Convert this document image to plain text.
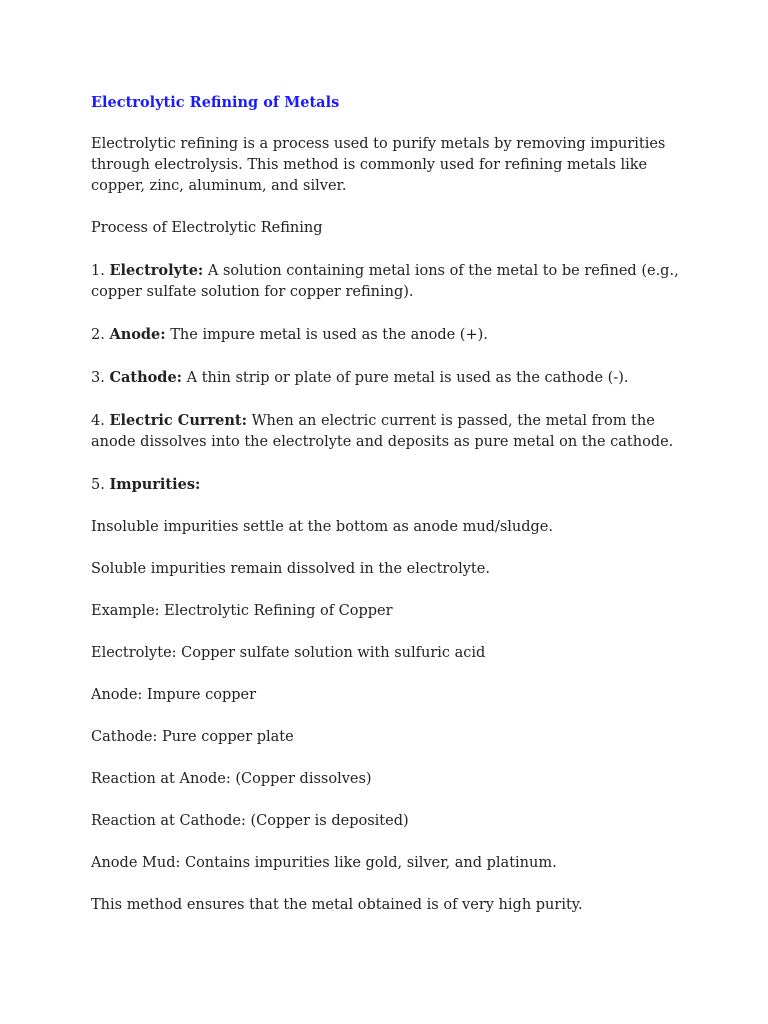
Electrolytic Refining of Metals

Electrolytic refining is a process used to purify metals by removing impurities through electrolysis. This method is commonly used for refining metals like copper, zinc, aluminum, and silver.

Process of Electrolytic Refining

1. Electrolyte: A solution containing metal ions of the metal to be refined (e.g., copper sulfate solution for copper refining).

2. Anode: The impure metal is used as the anode (+).

3. Cathode: A thin strip or plate of pure metal is used as the cathode (-).

4. Electric Current: When an electric current is passed, the metal from the anode dissolves into the electrolyte and deposits as pure metal on the cathode.

5. Impurities:

Insoluble impurities settle at the bottom as anode mud/sludge.

Soluble impurities remain dissolved in the electrolyte.

Example: Electrolytic Refining of Copper

Electrolyte: Copper sulfate solution with sulfuric acid

Anode: Impure copper

Cathode: Pure copper plate

Reaction at Anode: (Copper dissolves)

Reaction at Cathode: (Copper is deposited)

Anode Mud: Contains impurities like gold, silver, and platinum.

This method ensures that the metal obtained is of very high purity.
